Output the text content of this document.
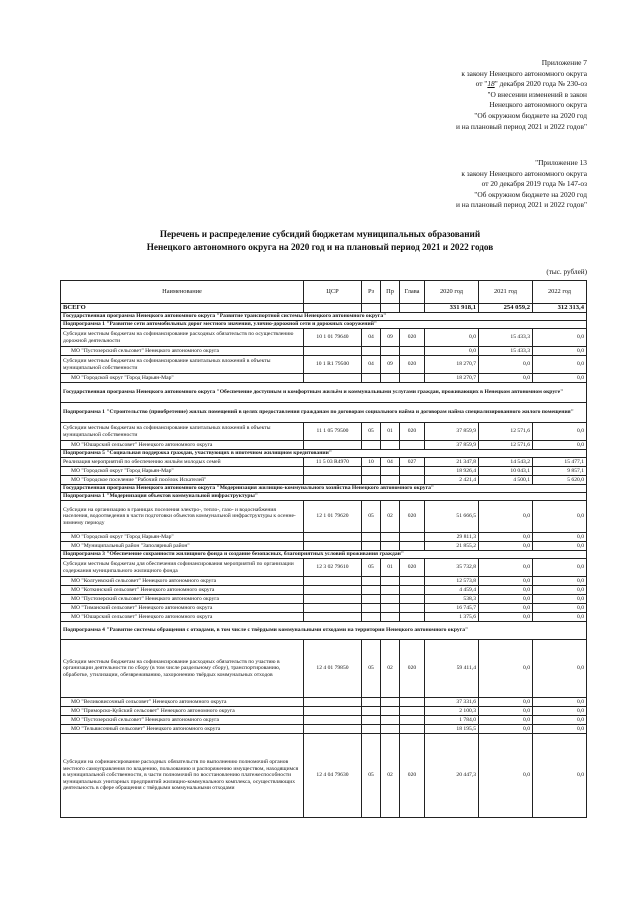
Приложение 7
к закону Ненецкого автономного округа
от "18" декабря 2020 года № 230-оз
"О внесении изменений в закон
Ненецкого автономного округа
"Об окружном бюджете на 2020 год
и на плановый период 2021 и 2022 годов"
"Приложение 13
к закону Ненецкого автономного округа
от 20 декабря 2019 года № 147-оз
"Об окружном бюджете на 2020 год
и на плановый период 2021 и 2022 годов"
Перечень и распределение субсидий бюджетам муниципальных образований
Ненецкого автономного округа на 2020 год и на плановый период 2021 и 2022 годов
(тыс. рублей)
Наименование	ЦСР	Рз	Пр	Глава	2020 год	2021 год	2022 год
ВСЕГО					331 918,1	254 059,2	312 313,4
Государственная программа Ненецкого автономного округа "Развитие транспортной системы Ненецкого автономного округа"							
Подпрограмма 1 "Развитие сети автомобильных дорог местного значения, улично-дорожной сети и дорожных сооружений"							
Субсидии местным бюджетам на софинансирование расходных обязательств по осуществлению дорожной деятельности	10 1 01 79640	04	09	020	0,0	15 433,3	0,0
МО "Пустозерский сельсовет" Ненецкого автономного округа					0,0	15 433,3	0,0
Субсидии местным бюджетам на софинансирование капитальных вложений в объекты муниципальной собственности	10 1 R1 79500	04	09	020	18 270,7	0,0	0,0
МО "Городской округ "Город Нарьян-Мар"					18 270,7	0,0	0,0
Государственная программа Ненецкого автономного округа "Обеспечение доступным и комфортным жильём и коммунальными услугами граждан, проживающих в Ненецком автономном округе"							
Подпрограмма 1 "Строительство (приобретение) жилых помещений в целях предоставления гражданам по договорам социального найма и договорам найма специализированного жилого помещения"							
Субсидии местным бюджетам на софинансирование капитальных вложений в объекты муниципальной собственности	11 1 05 79500	05	01	020	37 859,9	12 571,6	0,0
МО "Юшарский сельсовет" Ненецкого автономного округа					37 859,9	12 571,6	0,0
Подпрограмма 5 "Социальная поддержка граждан, участвующих в ипотечном жилищном кредитовании"							
Реализация мероприятий по обеспечению жильём молодых семей	11 5 03 R4970	10	04	027	21 347,8	14 543,2	15 477,1
МО "Городской округ "Город Нарьян-Мар"					18 926,4	10 043,1	9 857,1
МО "Городское поселение "Рабочий посёлок Искателей"					2 421,4	4 500,1	5 620,0
Государственная программа Ненецкого автономного округа "Модернизация жилищно-коммунального хозяйства Ненецкого автономного округа"							
Подпрограмма 1 "Модернизация объектов коммунальной инфраструктуры"							
Субсидии на организацию в границах поселения электро-, тепло-, газо- и водоснабжения населения, водоотведения в части подготовки объектов коммунальной инфраструктуры к осенне-зимнему периоду	12 1 01 79620	05	02	020	51 666,5	0,0	0,0
МО "Городской округ "Город Нарьян-Мар"					29 811,3	0,0	0,0
МО "Муниципальный район "Заполярный район"					21 855,2	0,0	0,0
Подпрограмма 3 "Обеспечение сохранности жилищного фонда и создание безопасных, благоприятных условий проживания граждан"							
Субсидии местным бюджетам для обеспечения софинансирования мероприятий по организации содержания муниципального жилищного фонда	12 3 02 79610	05	01	020	35 732,8	0,0	0,0
МО "Колгуевский сельсовет" Ненецкого автономного округа					12 573,8	0,0	0,0
МО "Коткинский сельсовет" Ненецкого автономного округа					4 459,4	0,0	0,0
МО "Пустозерский сельсовет" Ненецкого автономного округа					538,3	0,0	0,0
МО "Тиманский сельсовет" Ненецкого автономного округа					16 745,7	0,0	0,0
МО "Юшарский сельсовет" Ненецкого автономного округа					1 375,6	0,0	0,0
Подпрограмма 4 "Развитие системы обращения с отходами, в том числе с твёрдыми коммунальными отходами на территории Ненецкого автономного округа"							
Субсидии местным бюджетам на софинансирование расходных обязательств по участию в организации деятельности по сбору (в том числе раздельному сбору), транспортированию, обработке, утилизации, обезвреживанию, захоронению твёрдых коммунальных отходов	12 4 01 79850	05	02	020	59 411,4	0,0	0,0
МО "Великовисочный сельсовет" Ненецкого автономного округа					37 331,6	0,0	0,0
МО "Приморско-Куйский сельсовет" Ненецкого автономного округа					2 100,3	0,0	0,0
МО "Пустозерский сельсовет" Ненецкого автономного округа					1 784,0	0,0	0,0
МО "Тельвисочный сельсовет" Ненецкого автономного округа					18 195,5	0,0	0,0
Субсидии на софинансирование расходных обязательств по выполнению полномочий органов местного самоуправления по владению, пользованию и распоряжению имуществом, находящимся в муниципальной собственности, в части полномочий по восстановлению платежеспособности муниципальных унитарных предприятий жилищно-коммунального комплекса, осуществляющих деятельность в сфере обращения с твёрдыми коммунальными отходами	12 4 04 79630	05	02	020	20 447,3	0,0	0,0
